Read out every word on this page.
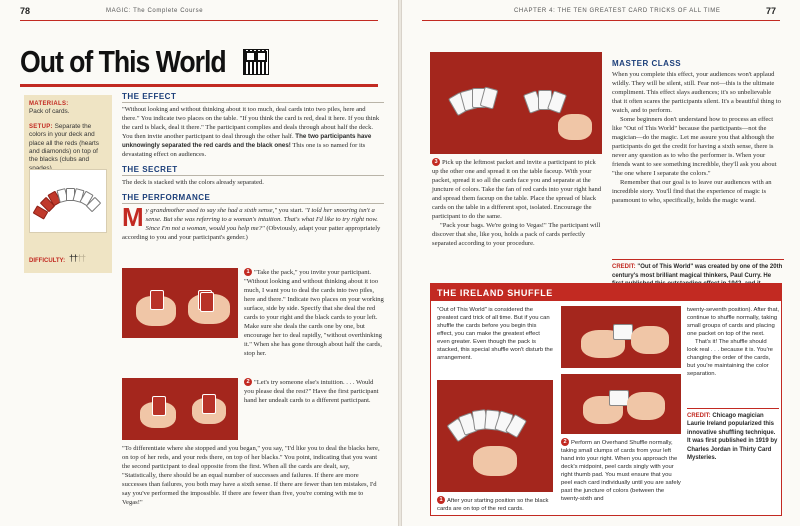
78	MAGIC: The Complete Course
Out of This World
MATERIALS:
Pack of cards.
SETUP: Separate the colors in your deck and place all the reds (hearts and diamonds) on top of the blacks (clubs and
DIFFICULTY: ††††
THE EFFECT

"Without looking and without thinking about it too much, deal cards into two piles, here and there." You indicate two places on the table. "If you think the card is red, deal it here. If you think the card is black, deal it there." The participant complies and deals through about half the deck. You then invite another participant to deal through the other half. The two participants have unknowingly separated the red cards and the black ones! This one is so named for its devastating effect on audiences.

THE SECRET

The deck is stacked with the colors already separated.

THE PERFORMANCE

My grandmother used to say she had a sixth sense," you start. "I told her snooring isn't a sense. But she was referring to a woman's intuition. That's what I'd like to try right now. Since I'm not a woman, would you help me?" (Obviously, adapt your patter appropriately according to you and your participant's gender.)

1 "Take the pack," you invite your participant. "Without looking and without thinking about it too much, I want you to deal the cards into two piles, here and there." Indicate two places on your working surface, side by side. Specify that she deal the red cards to your right and the black cards to your left. Make sure she deals the cards one by one, but encourage her to deal rapidly, "without overthinking it." When she has gone through about half the cards, stop her.

2 "Let's try someone else's intuition. . . . Would you please deal the rest?" Have the first participant hand her undealt cards to a different participant.

"To differentiate where she stopped and you began," you say, "I'd like you to deal the blacks here, on top of her reds, and your reds there, on top of her blacks." You point, indicating that you want the second participant to deal opposite from the first. When all the cards are dealt, say, "Statistically, there should be an equal number of successes and failures. If there are more successes than failures, you both may have a sixth sense. If there are fewer than ten mistakes, I'd say you've performed the impossible. If there are fewer than five, you're coming with me to Vegas!"

CHAPTER 4: THE TEN GREATEST CARD TRICKS OF ALL TIME	77

3 Pick up the leftmost packet and invite a participant to pick up the other one and spread it on the table faceup. With your packet, spread it so all the cards face you and separate at the juncture of colors. Take the fan of red cards into your right hand and spread them faceup on the table. Place the spread of black cards on the table in a different spot, isolated. Encourage the participant to do the same.

"Pack your bags. We're going to Vegas!" The participant will discover that she, like you, holds a pack of cards perfectly separated according to your procedure.

MASTER CLASS

When you complete this effect, your audiences won't applaud wildly. They will be silent, still. Fear not—this is the ultimate compliment. This effect slays audiences; it's so unbelievable that it often scares the participants silent. It's a beautiful thing to watch, and to perform.

Some beginners don't understand how to process an effect like "Out of This World" because the participants—not the magician—do the magic. Let me assure you that although the participants do get the credit for having a sixth sense, there is never any question as to who the performer is. When your friends want to see something incredible, they'll ask you about "the one where I separate the colors."

Remember that our goal is to leave our audiences with an incredible story. You'll find that the experience of magic is paramount to who, specifically, holds the magic wand.

CREDIT: "Out of This World" was created by one of the 20th century's most brilliant magical thinkers, Paul Curry. He
THE IRELAND SHUFFLE
"Out of This World" is considered the greatest card trick of all time. But if you can shuffle the cards before you begin this effect, you can make the greatest effect even greater. Even though the pack is stacked, this special shuffle won't disturb the arrangement.
1 After your starting position so the black cards are on top of the red cards.
2 Perform an Overhand Shuffle normally, taking small clumps of cards from your left hand into your right. When you approach the deck's midpoint, peel cards singly with your right thumb pad. You must ensure that you peel each card individually until you are safely past the juncture of colors (between the twenty-sixth and
twenty-seventh position). After that, continue to shuffle normally, taking small groups of cards and placing one packet on top of the next.
That's it! The shuffle should look real . . . because it is. You're changing the order of the cards, but you're maintaining the color separation.
CREDIT: Chicago magician Laurie Ireland popularized this innovative shuffling technique. It was first published in 1919 by Charles Jordan in Thirty Card Mysteries.
